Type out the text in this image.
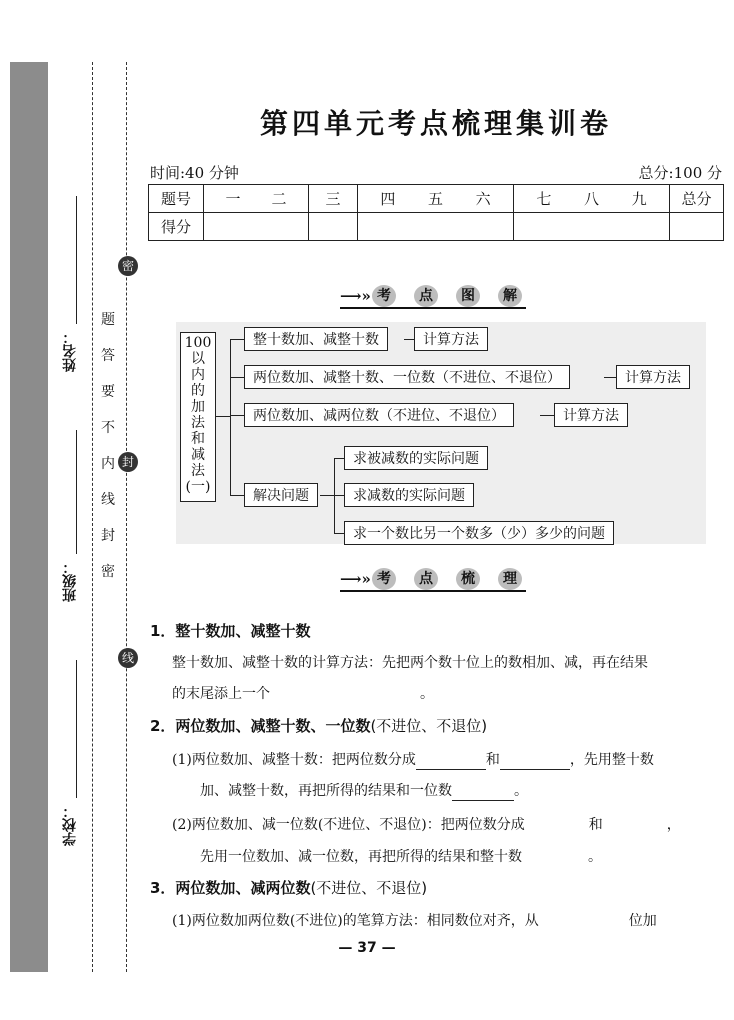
姓名：
班级：
学校：
密
封
线
密
封
线
内
不
要
答
题
第四单元考点梳理集训卷
时间:40 分钟	总分:100 分
题号	一 二	三	四 五 六	七 八 九	总分
得分					
⟶» 考	点	图	解
100
以
内
的
加
法
和
减
法
(一)
整十数加、减整十数	计算方法
两位数加、减整十数、一位数（不进位、不退位）	计算方法
两位数加、减两位数（不进位、不退位）	计算方法
解决问题
求被减数的实际问题
求减数的实际问题
求一个数比另一个数多（少）多少的问题
⟶» 考	点	梳	理
1．整十数加、减整十数
整十数加、减整十数的计算方法：先把两个数十位上的数相加、减，再在结果
的末尾添上一个	。
2．两位数加、减整十数、一位数(不进位、不退位)
(1)两位数加、减整十数：把两位数分成	和	，先用整十数
加、减整十数，再把所得的结果和一位数	。
(2)两位数加、减一位数(不进位、不退位)：把两位数分成	和	，
先用一位数加、减一位数，再把所得的结果和整十数	。
3．两位数加、减两位数(不进位、不退位)
(1)两位数加两位数(不进位)的笔算方法：相同数位对齐，从	位加
— 37 —
